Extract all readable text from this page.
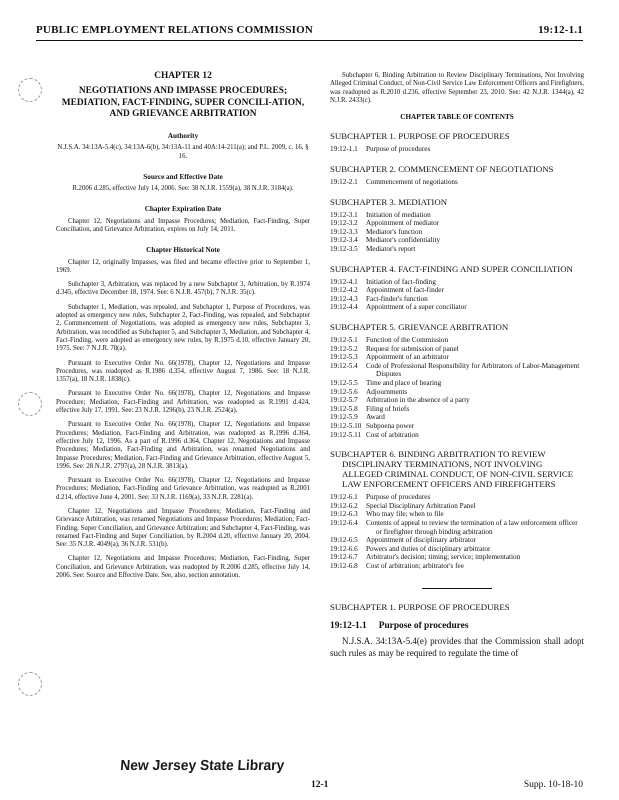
PUBLIC EMPLOYMENT RELATIONS COMMISSION	19:12-1.1
CHAPTER 12
NEGOTIATIONS AND IMPASSE PROCEDURES; MEDIATION, FACT-FINDING, SUPER CONCILI-ATION, AND GRIEVANCE ARBITRATION
Authority
N.J.S.A. 34:13A-5.4(c), 34:13A-6(b), 34:13A-11 and 40A:14-211(a); and P.L. 2009, c. 16, § 16.
Source and Effective Date
R.2006 d.285, effective July 14, 2006. See: 38 N.J.R. 1559(a), 38 N.J.R. 3184(a).
Chapter Expiration Date

Chapter 12, Negotiations and Impasse Procedures; Mediation, Fact-Finding, Super Conciliation, and Grievance Arbitration, expires on July 14, 2011.

Chapter Historical Note

Chapter 12, originally Impasses, was filed and became effective prior to September 1, 1969.

Subchapter 3, Arbitration, was replaced by a new Subchapter 3, Arbitration, by R.1974 d.345, effective December 18, 1974. See: 6 N.J.R. 457(b), 7 N.J.R. 35(c).

Subchapter 1, Mediation, was repealed, and Subchapter 1, Purpose of Procedures, was adopted as emergency new rules, Subchapter 2, Fact-Finding, was repealed, and Subchapter 2, Commencement of Negotiations, was adopted as emergency new rules, Subchapter 3, Arbitration, was recodified as Subchapter 5, and Subchapter 3, Mediation, and Subchapter 4, Fact-Finding, were adopted as emergency new rules, by R.1975 d.10, effective January 20, 1975. See: 7 N.J.R. 78(a).

Pursuant to Executive Order No. 66(1978), Chapter 12, Negotiations and Impasse Procedures, was readopted as R.1986 d.354, effective August 7, 1986. See: 18 N.J.R. 1357(a), 18 N.J.R. 1838(c).

Pursuant to Executive Order No. 66(1978), Chapter 12, Negotiations and Impasse Procedure; Mediation, Fact-Finding and Arbitration, was readopted as R.1991 d.424, effective July 17, 1991. See: 23 N.J.R. 1296(b), 23 N.J.R. 2524(a).

Pursuant to Executive Order No. 66(1978), Chapter 12, Negotiations and Impasse Procedures; Mediation, Fact-Finding and Arbitration, was readopted as R.1996 d.364, effective July 12, 1996. As a part of R.1996 d.364, Chapter 12, Negotiations and Impasse Procedures; Mediation, Fact-Finding and Arbitration, was renamed Negotiations and Impasse Procedures; Mediation, Fact-Finding and Grievance Arbitration, effective August 5, 1996. See: 28 N.J.R. 2797(a), 28 N.J.R. 3813(a).

Pursuant to Executive Order No. 66(1978), Chapter 12, Negotiations and Impasse Procedures; Mediation, Fact-Finding and Grievance Arbitration, was readopted as R.2001 d.214, effective June 4, 2001. See: 33 N.J.R. 1169(a), 33 N.J.R. 2281(a).

Chapter 12, Negotiations and Impasse Procedures; Mediation, Fact-Finding and Grievance Arbitration, was renamed Negotiations and Impasse Procedures; Mediation, Fact-Finding, Super Conciliation, and Grievance Arbitration; and Subchapter 4, Fact-Finding, was renamed Fact-Finding and Super Conciliation, by R.2004 d.20, effective January 20, 2004. See: 35 N.J.R. 4049(a), 36 N.J.R. 531(b).

Chapter 12, Negotiations and Impasse Procedures; Mediation, Fact-Finding, Super Conciliation, and Grievance Arbitration, was readopted by R.2006 d.285, effective July 14, 2006. See: Source and Effective Date. See, also, section annotation.

Subchapter 6, Binding Arbitration to Review Disciplinary Terminations, Not Involving Alleged Criminal Conduct, of Non-Civil Service Law Enforcement Officers and Firefighters, was readopted as R.2010 d.236, effective September 23, 2010. See: 42 N.J.R. 1344(a), 42 N.J.R. 2433(c).

CHAPTER TABLE OF CONTENTS
SUBCHAPTER 1. PURPOSE OF PROCEDURES
19:12-1.1	Purpose of procedures
SUBCHAPTER 2. COMMENCEMENT OF NEGOTIATIONS
19:12-2.1	Commencement of negotiations
SUBCHAPTER 3. MEDIATION
19:12-3.1	Initiation of mediation
19:12-3.2	Appointment of mediator
19:12-3.3	Mediator's function
19:12-3.4	Mediator's confidentiality
19:12-3.5	Mediator's report
SUBCHAPTER 4. FACT-FINDING AND SUPER CONCILIATION
19:12-4.1	Initiation of fact-finding
19:12-4.2	Appointment of fact-finder
19:12-4.3	Fact-finder's function
19:12-4.4	Appointment of a super conciliator
SUBCHAPTER 5. GRIEVANCE ARBITRATION
19:12-5.1	Function of the Commission
19:12-5.2	Request for submission of panel
19:12-5.3	Appointment of an arbitrator
19:12-5.4	Code of Professional Responsibility for Arbitrators of Labor-Management Disputes
19:12-5.5	Time and place of hearing
19:12-5.6	Adjournments
19:12-5.7	Arbitration in the absence of a party
19:12-5.8	Filing of briefs
19:12-5.9	Award
19:12-5.10 Subpoena power
19:12-5.11 Cost of arbitration
SUBCHAPTER 6. BINDING ARBITRATION TO REVIEW DISCIPLINARY TERMINATIONS, NOT INVOLVING ALLEGED CRIMINAL CONDUCT, OF NON-CIVIL SERVICE LAW ENFORCEMENT OFFICERS AND FIREFIGHTERS
19:12-6.1	Purpose of procedures
19:12-6.2	Special Disciplinary Arbitration Panel
19:12-6.3	Who may file; when to file
19:12-6.4	Contents of appeal to review the termination of a law enforcement officer or firefighter through binding arbitration
19:12-6.5	Appointment of disciplinary arbitrator
19:12-6.6	Powers and duties of disciplinary arbitrator
19:12-6.7	Arbitrator's decision; timing; service; implementation
19:12-6.8	Cost of arbitration; arbitrator's fee
SUBCHAPTER 1. PURPOSE OF PROCEDURES
19:12-1.1 Purpose of procedures

N.J.S.A. 34:13A-5.4(e) provides that the Commission shall adopt such rules as may be required to regulate the time of

New Jersey State Library
12-1	Supp. 10-18-10
